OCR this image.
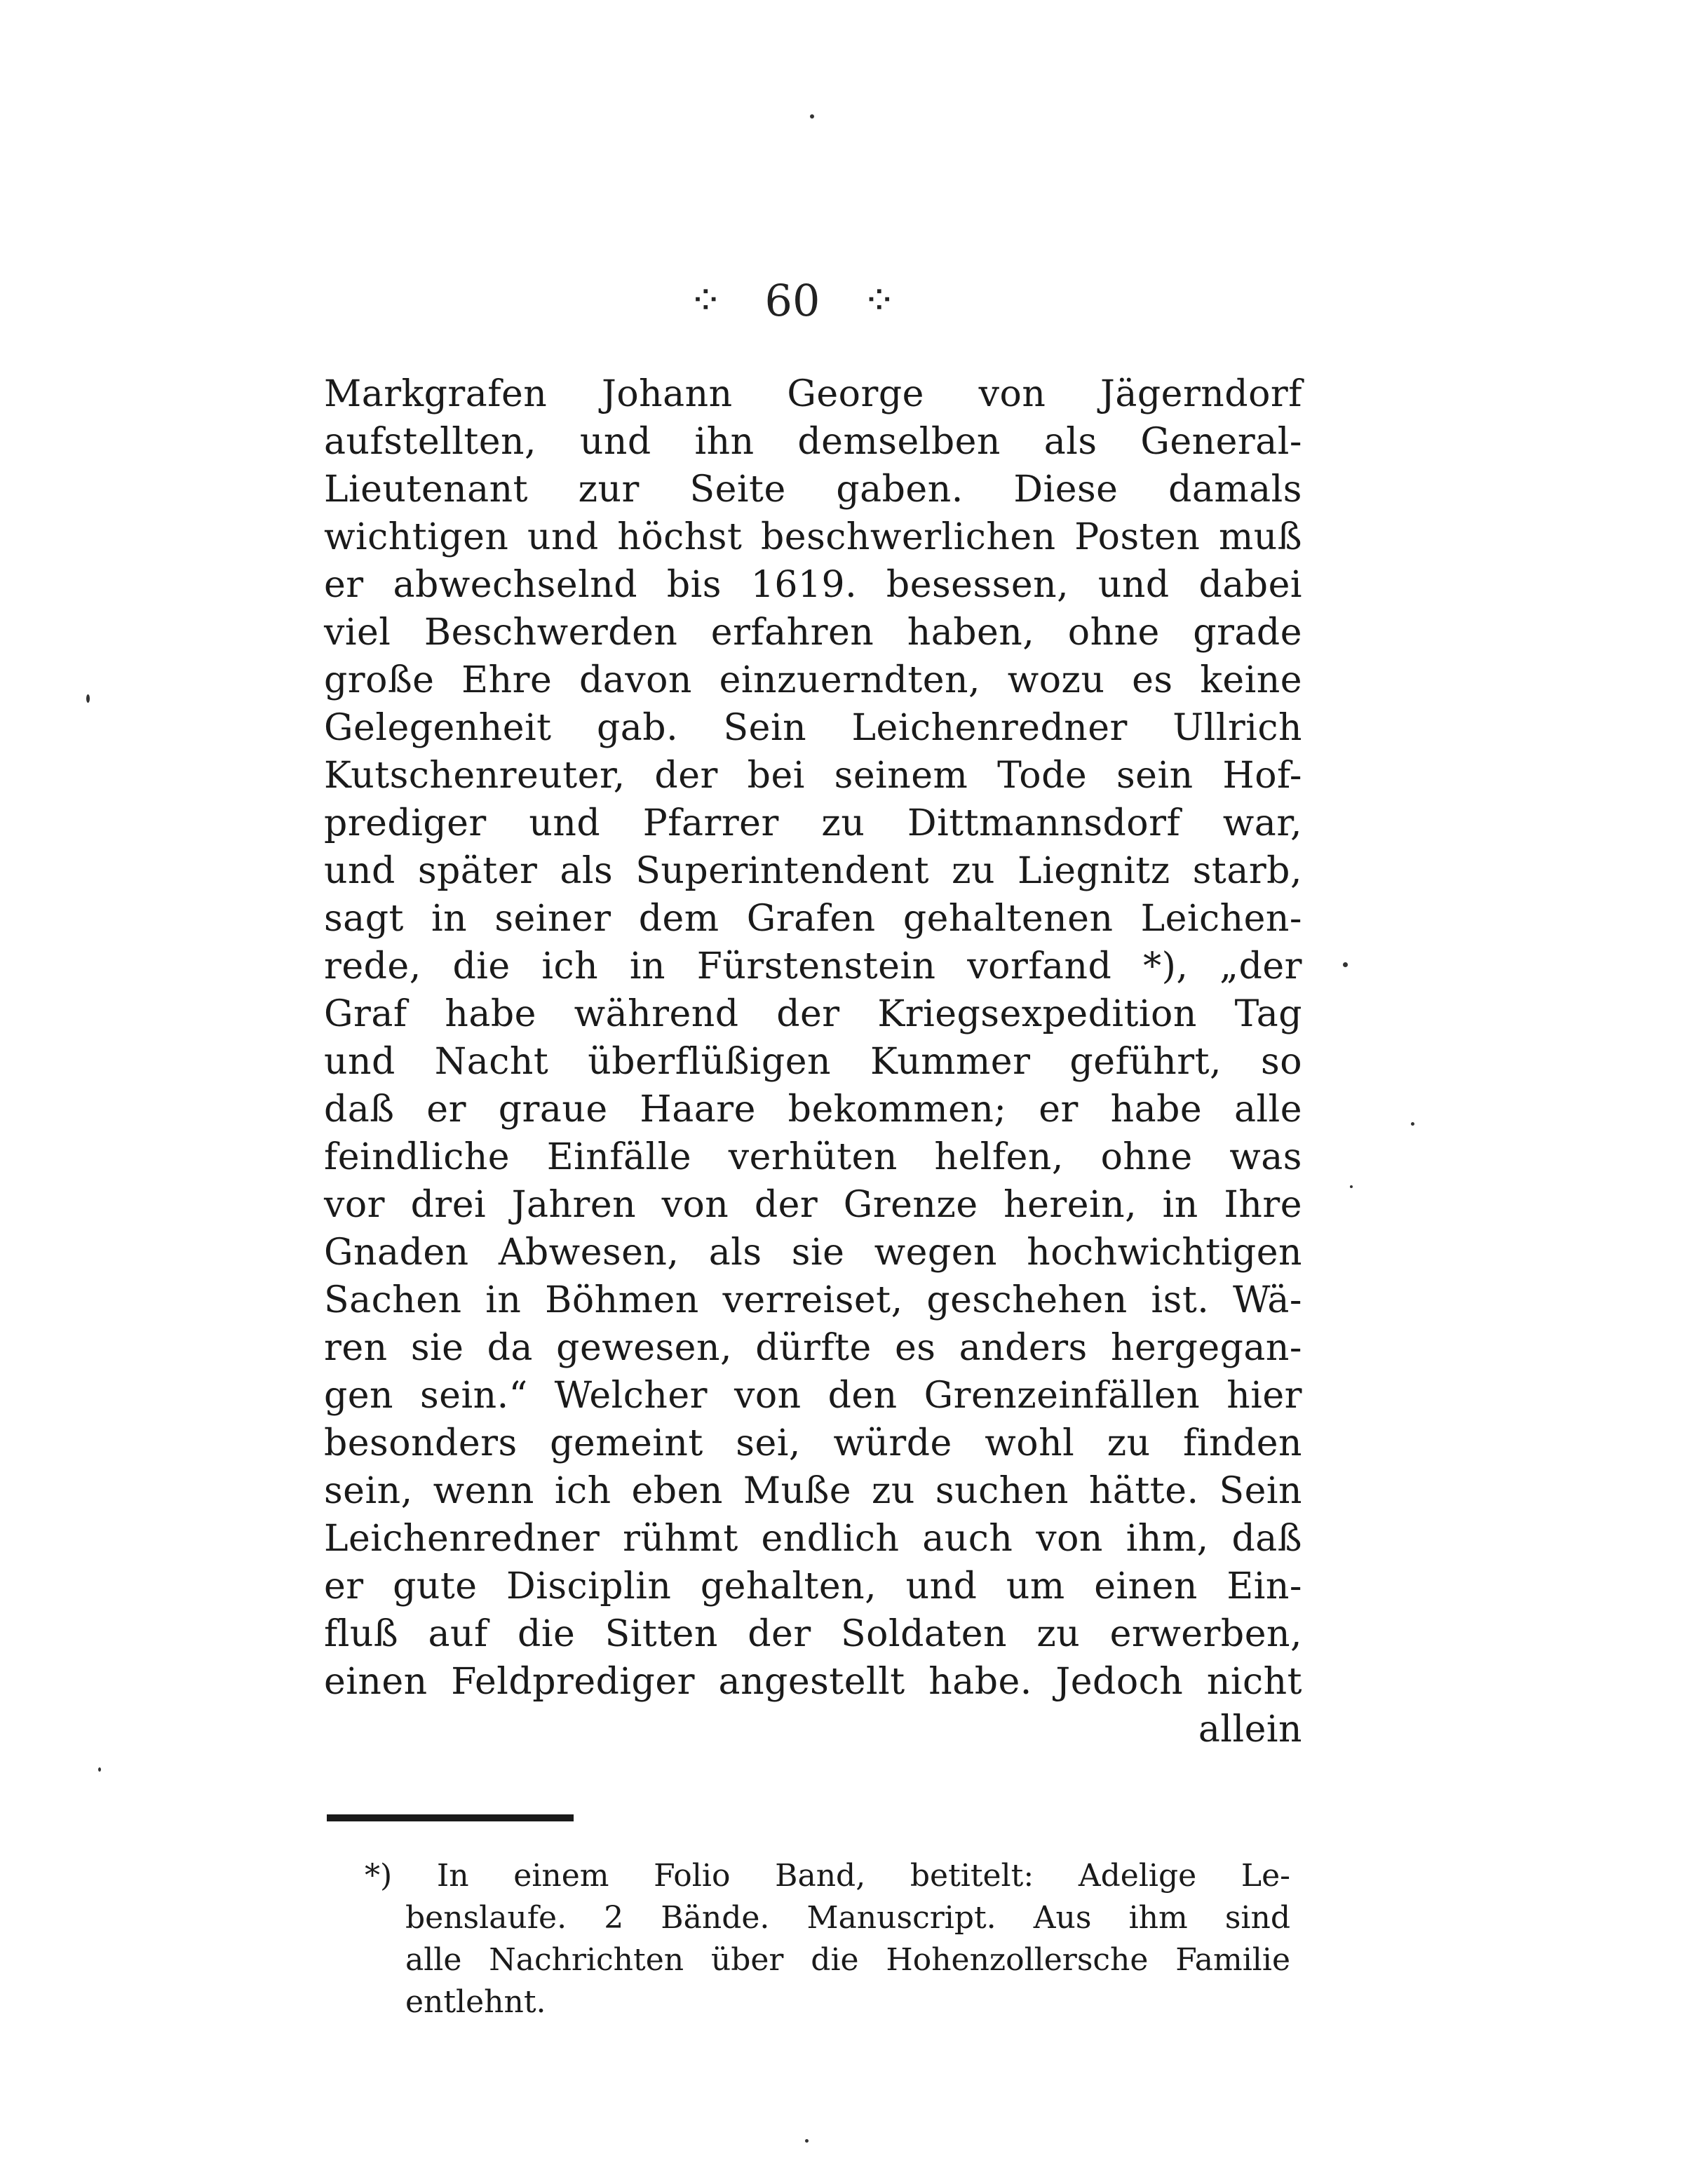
⁘ 60 ⁘
Markgrafen Johann George von Jägerndorf
aufstellten, und ihn demselben als General-
Lieutenant zur Seite gaben. Diese damals
wichtigen und höchst beschwerlichen Posten muß
er abwechselnd bis 1619. besessen, und dabei
viel Beschwerden erfahren haben, ohne grade
große Ehre davon einzuerndten, wozu es keine
Gelegenheit gab. Sein Leichenredner Ullrich
Kutschenreuter, der bei seinem Tode sein Hof-
prediger und Pfarrer zu Dittmannsdorf war,
und später als Superintendent zu Liegnitz starb,
sagt in seiner dem Grafen gehaltenen Leichen-
rede, die ich in Fürstenstein vorfand *), „der
Graf habe während der Kriegsexpedition Tag
und Nacht überflüßigen Kummer geführt, so
daß er graue Haare bekommen; er habe alle
feindliche Einfälle verhüten helfen, ohne was
vor drei Jahren von der Grenze herein, in Ihre
Gnaden Abwesen, als sie wegen hochwichtigen
Sachen in Böhmen verreiset, geschehen ist. Wä-
ren sie da gewesen, dürfte es anders hergegan-
gen sein.“ Welcher von den Grenzeinfällen hier
besonders gemeint sei, würde wohl zu finden
sein, wenn ich eben Muße zu suchen hätte. Sein
Leichenredner rühmt endlich auch von ihm, daß
er gute Disciplin gehalten, und um einen Ein-
fluß auf die Sitten der Soldaten zu erwerben,
einen Feldprediger angestellt habe. Jedoch nicht
allein
*) In einem Folio Band, betitelt: Adelige Le-
benslaufe. 2 Bände. Manuscript. Aus ihm sind
alle Nachrichten über die Hohenzollersche Familie
entlehnt.
